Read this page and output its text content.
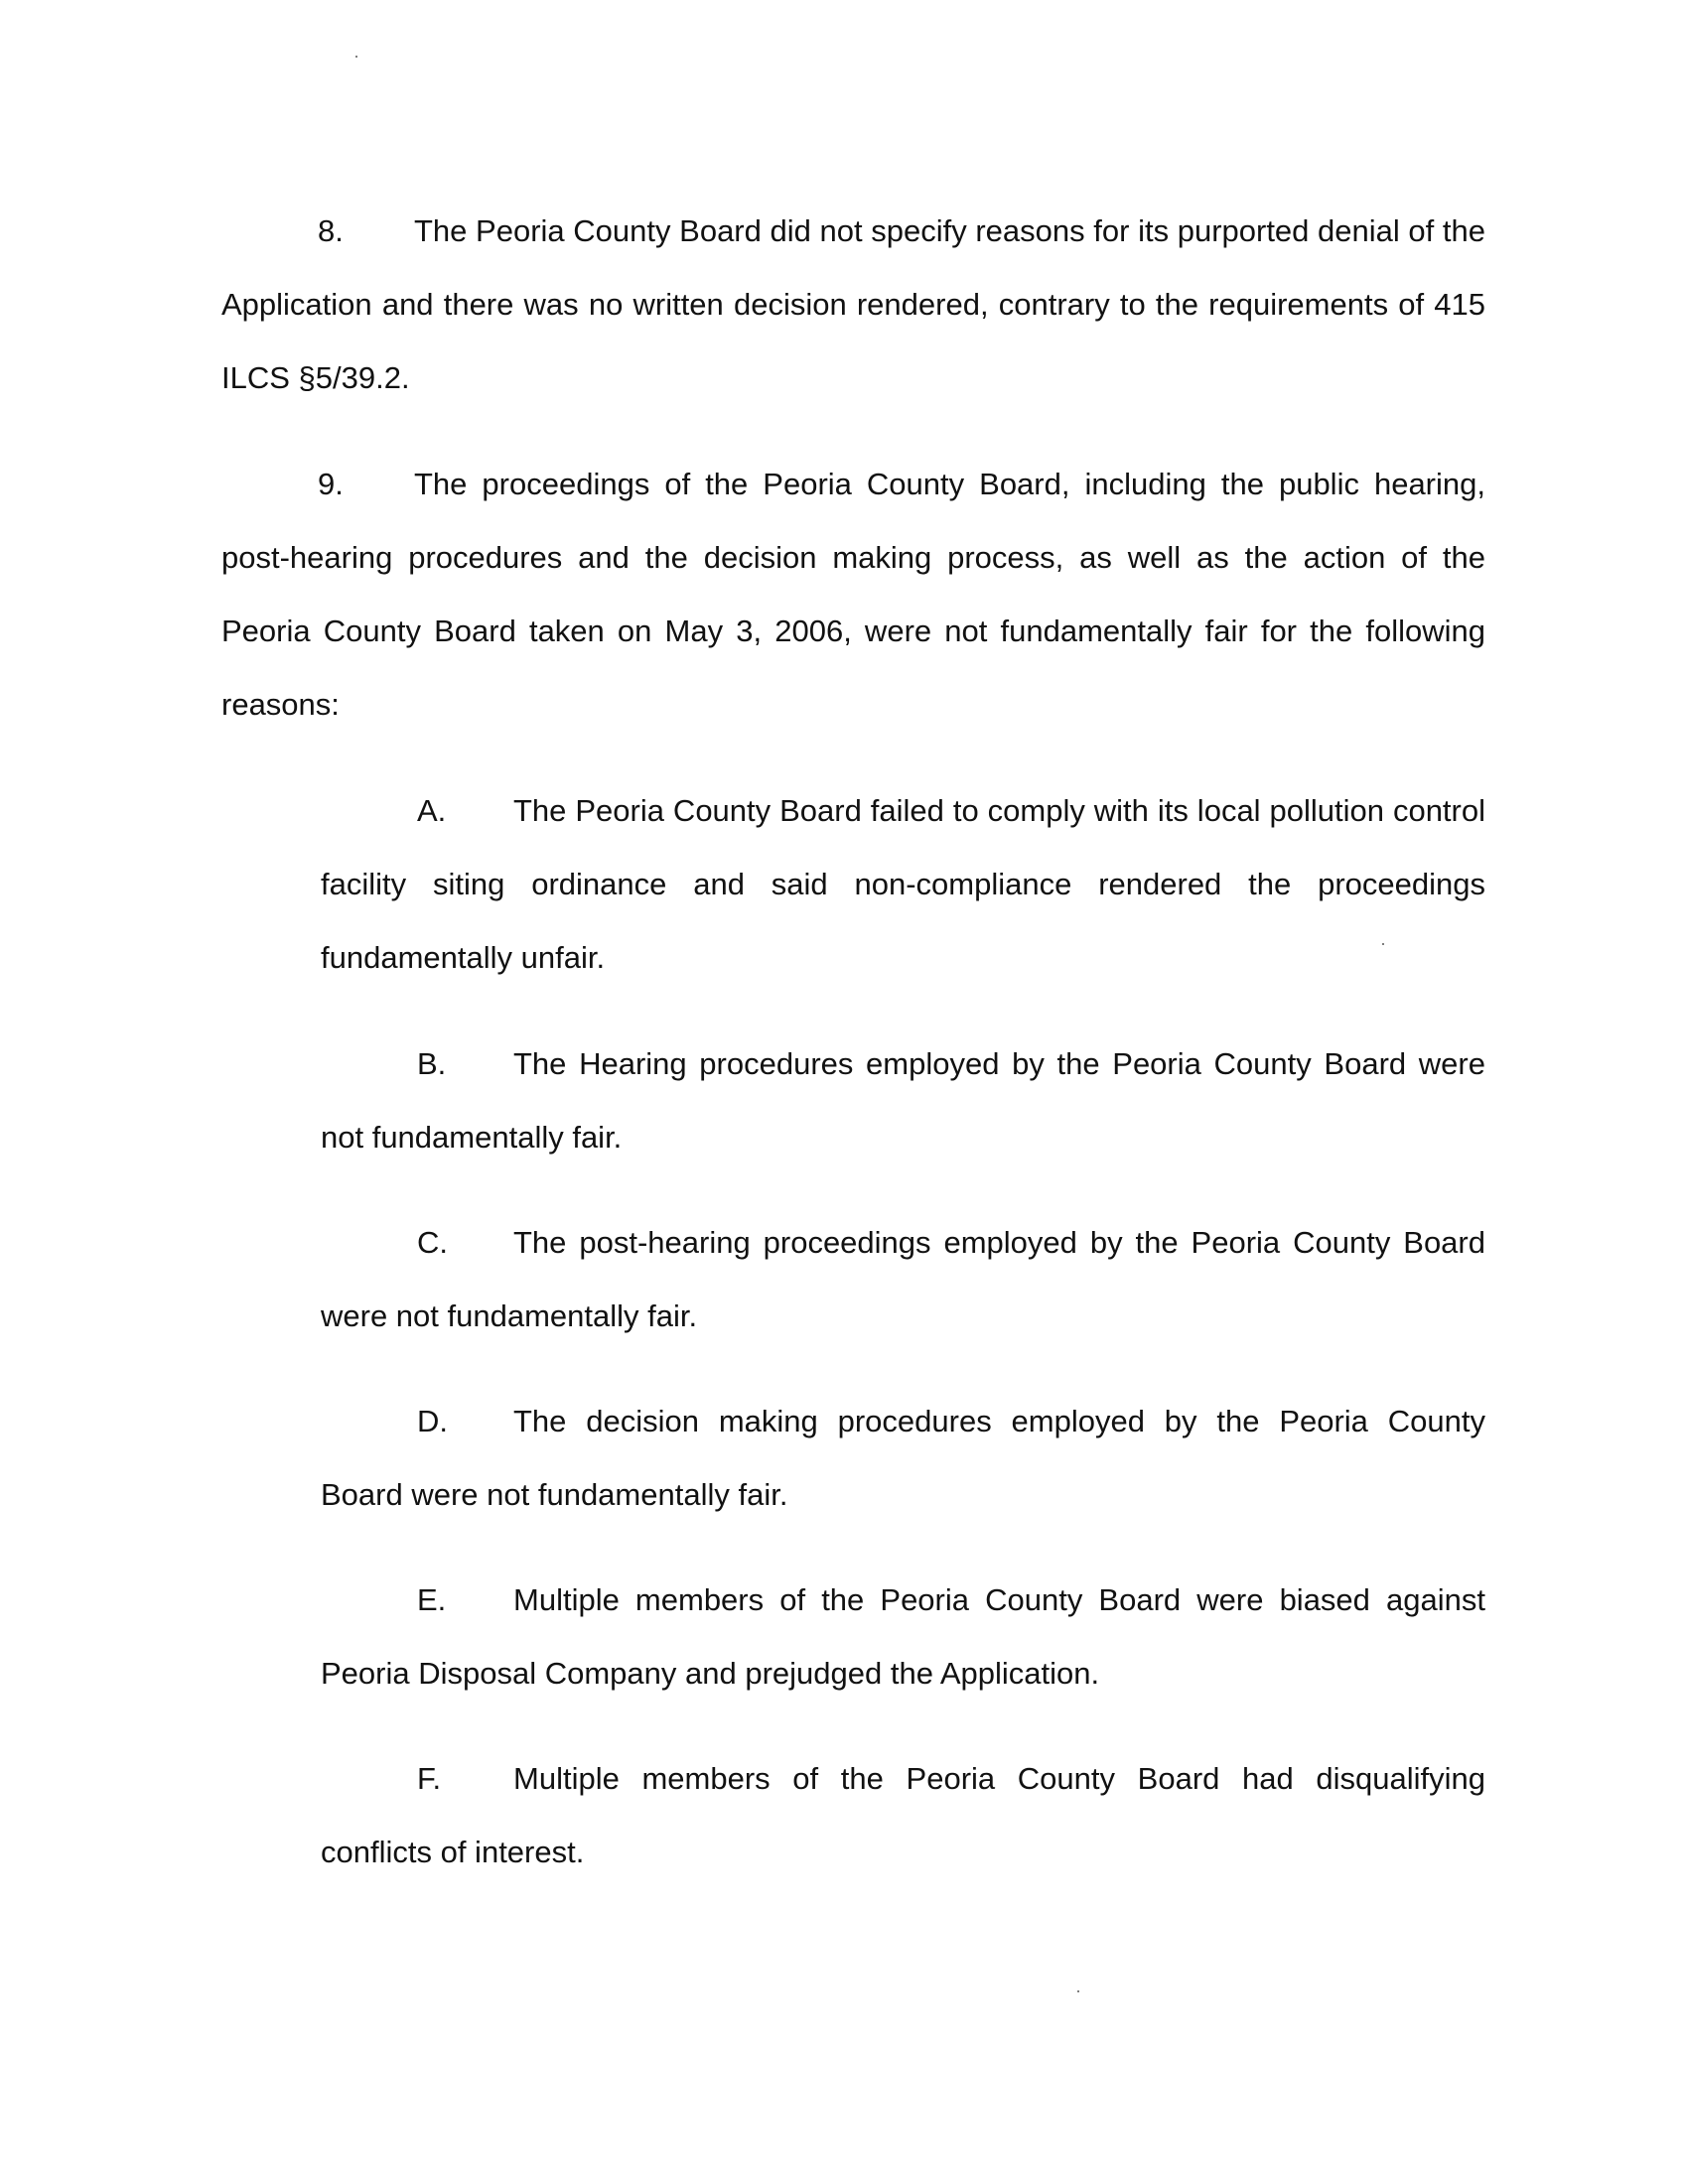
8. The Peoria County Board did not specify reasons for its purported denial of the Application and there was no written decision rendered, contrary to the requirements of 415 ILCS §5/39.2.

9. The proceedings of the Peoria County Board, including the public hearing, post-hearing procedures and the decision making process, as well as the action of the Peoria County Board taken on May 3, 2006, were not fundamentally fair for the following reasons:

A. The Peoria County Board failed to comply with its local pollution control facility siting ordinance and said non-compliance rendered the proceedings fundamentally unfair.

B. The Hearing procedures employed by the Peoria County Board were not fundamentally fair.

C. The post-hearing proceedings employed by the Peoria County Board were not fundamentally fair.

D. The decision making procedures employed by the Peoria County Board were not fundamentally fair.

E. Multiple members of the Peoria County Board were biased against Peoria Disposal Company and prejudged the Application.

F. Multiple members of the Peoria County Board had disqualifying conflicts of interest.
